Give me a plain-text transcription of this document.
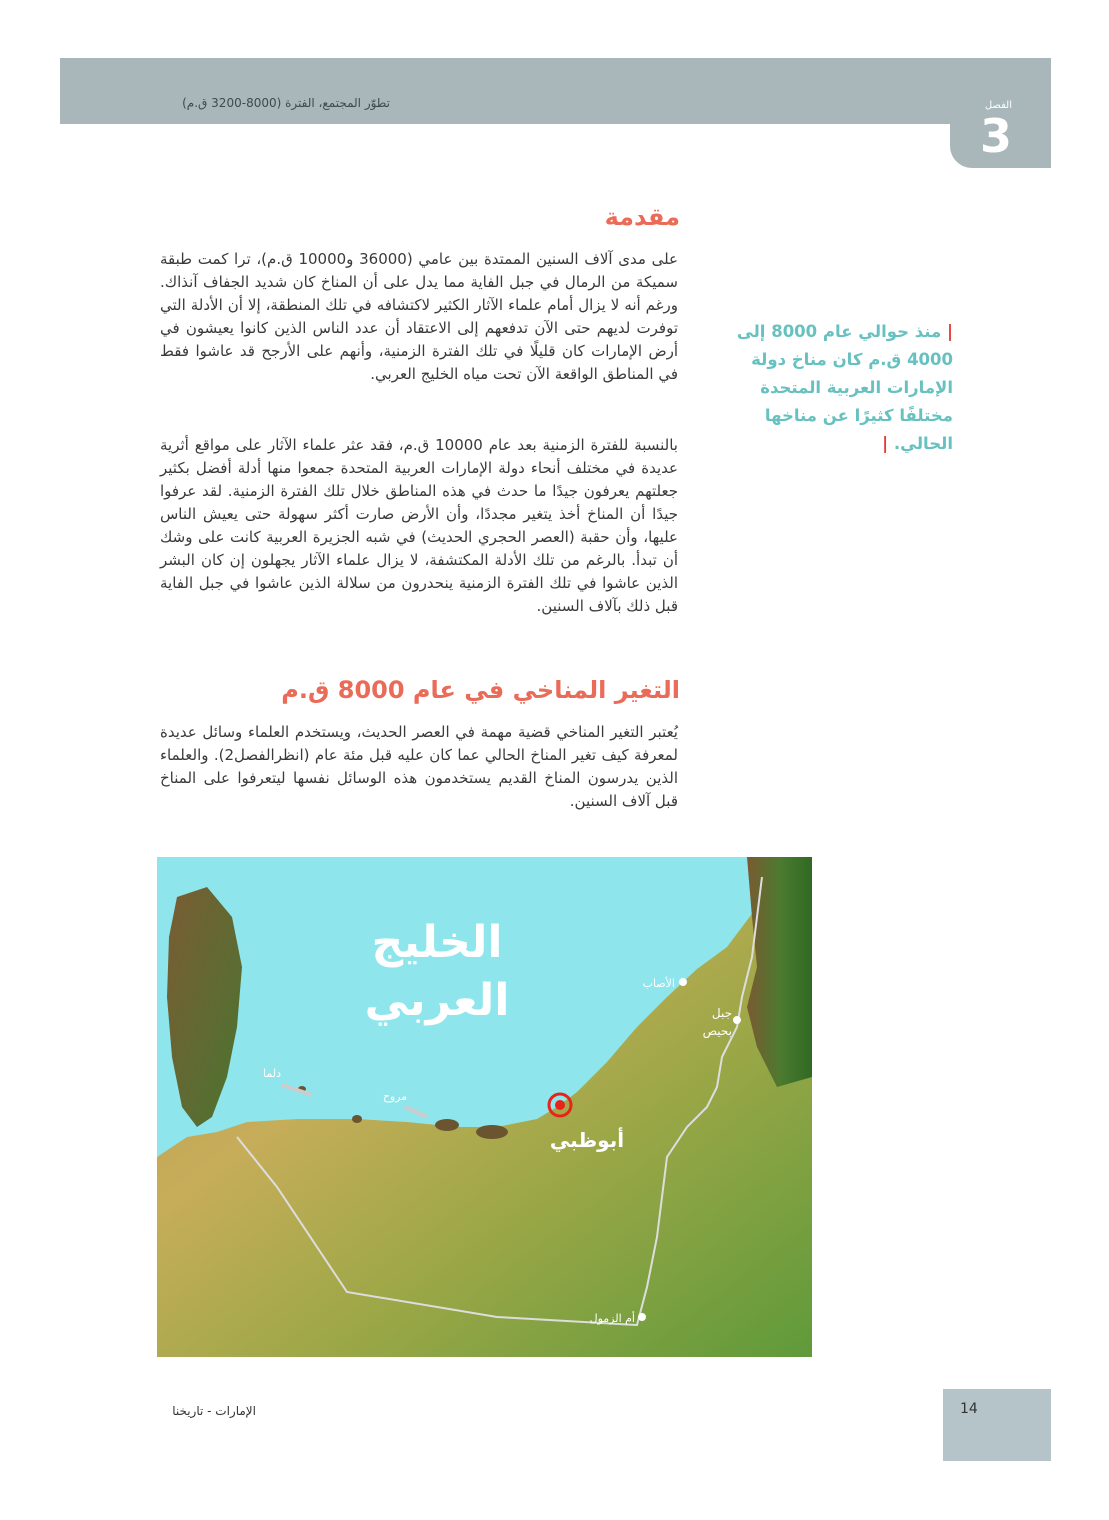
تطوّر المجتمع، الفترة (8000-3200 ق.م)	الفصل
3
مقدمة

على مدى آلاف السنين الممتدة بين عامي (36000 و10000 ق.م)، ترا كمت طبقة سميكة من الرمال في جبل الفاية مما يدل على أن المناخ كان شديد الجفاف آنذاك. ورغم أنه لا يزال أمام علماء الآثار الكثير لاكتشافه في تلك المنطقة، إلا أن الأدلة التي توفرت لديهم حتى الآن تدفعهم إلى الاعتقاد أن عدد الناس الذين كانوا يعيشون في أرض الإمارات كان قليلًا في تلك الفترة الزمنية، وأنهم على الأرجح قد عاشوا فقط في المناطق الواقعة الآن تحت مياه الخليج العربي.

بالنسبة للفترة الزمنية بعد عام 10000 ق.م، فقد عثر علماء الآثار على مواقع أثرية عديدة في مختلف أنحاء دولة الإمارات العربية المتحدة جمعوا منها أدلة أفضل بكثير جعلتهم يعرفون جيدًا ما حدث في هذه المناطق خلال تلك الفترة الزمنية. لقد عرفوا جيدًا أن المناخ أخذ يتغير مجددًا، وأن الأرض صارت أكثر سهولة حتى يعيش الناس عليها، وأن حقبة (العصر الحجري الحديث) في شبه الجزيرة العربية كانت على وشك أن تبدأ. بالرغم من تلك الأدلة المكتشفة، لا يزال علماء الآثار يجهلون إن كان البشر الذين عاشوا في تلك الفترة الزمنية ينحدرون من سلالة الذين عاشوا في جبل الفاية قبل ذلك بآلاف السنين.

التغير المناخي في عام 8000 ق.م

يُعتبر التغير المناخي قضية مهمة في العصر الحديث، ويستخدم العلماء وسائل عديدة لمعرفة كيف تغير المناخ الحالي عما كان عليه قبل مئة عام (انظرالفصل2). والعلماء الذين يدرسون المناخ القديم يستخدمون هذه الوسائل نفسها ليتعرفوا على المناخ قبل آلاف السنين.

| منذ حوالي عام 8000 إلى 4000 ق.م كان مناخ دولة الإمارات العربية المتحدة مختلفًا كثيرًا عن مناخها الحالي. |
الخليج
العربي	الأصاب
جبل
بحيص
دلما
مروح
أبوظبي
أم الزمول
14
الإمارات - تاريخنا
